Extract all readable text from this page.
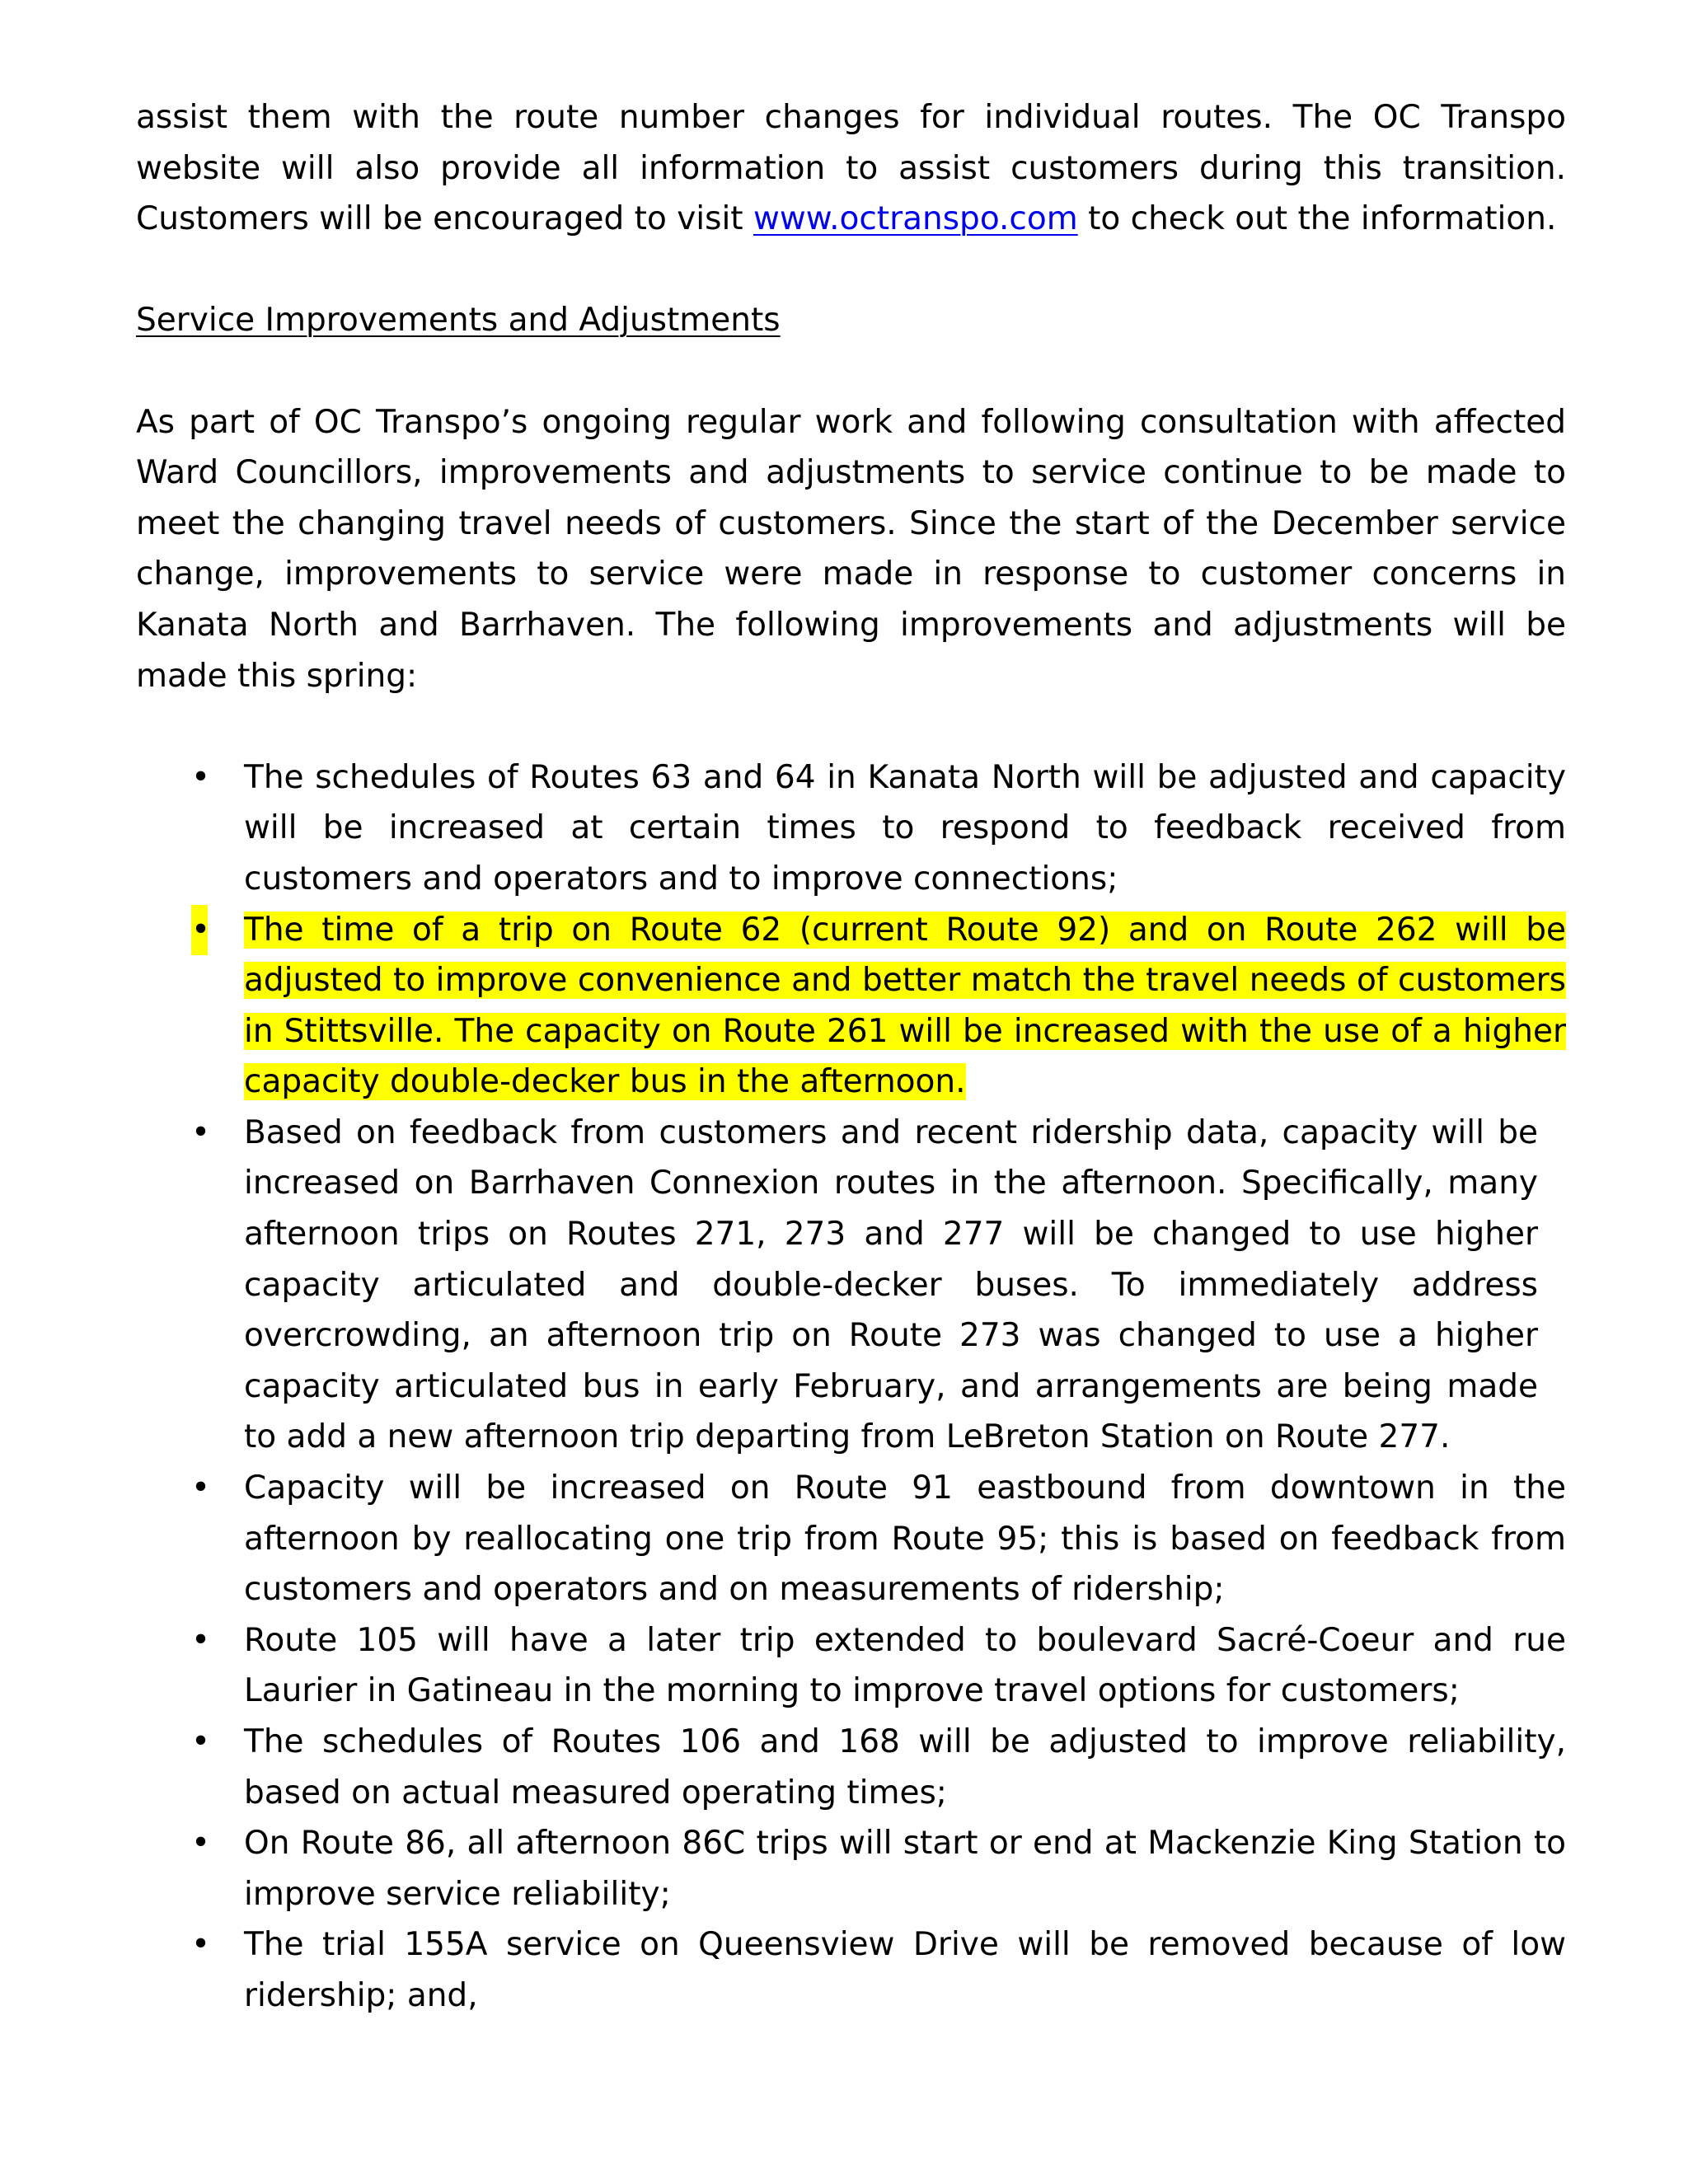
assist them with the route number changes for individual routes. The OC Transpo website will also provide all information to assist customers during this transition. Customers will be encouraged to visit www.octranspo.com to check out the information.

Service Improvements and Adjustments

As part of OC Transpo’s ongoing regular work and following consultation with affected Ward Councillors, improvements and adjustments to service continue to be made to meet the changing travel needs of customers. Since the start of the December service change, improvements to service were made in response to customer concerns in Kanata North and Barrhaven. The following improvements and adjustments will be made this spring:

• The schedules of Routes 63 and 64 in Kanata North will be adjusted and capacity will be increased at certain times to respond to feedback received from customers and operators and to improve connections;
• The time of a trip on Route 62 (current Route 92) and on Route 262 will be adjusted to improve convenience and better match the travel needs of customers in Stittsville. The capacity on Route 261 will be increased with the use of a higher capacity double-decker bus in the afternoon.
• Based on feedback from customers and recent ridership data, capacity will be increased on Barrhaven Connexion routes in the afternoon. Specifically, many afternoon trips on Routes 271, 273 and 277 will be changed to use higher capacity articulated and double-decker buses. To immediately address overcrowding, an afternoon trip on Route 273 was changed to use a higher capacity articulated bus in early February, and arrangements are being made to add a new afternoon trip departing from LeBreton Station on Route 277.
• Capacity will be increased on Route 91 eastbound from downtown in the afternoon by reallocating one trip from Route 95; this is based on feedback from customers and operators and on measurements of ridership;
• Route 105 will have a later trip extended to boulevard Sacré-Coeur and rue Laurier in Gatineau in the morning to improve travel options for customers;
• The schedules of Routes 106 and 168 will be adjusted to improve reliability, based on actual measured operating times;
• On Route 86, all afternoon 86C trips will start or end at Mackenzie King Station to improve service reliability;
• The trial 155A service on Queensview Drive will be removed because of low ridership; and,
